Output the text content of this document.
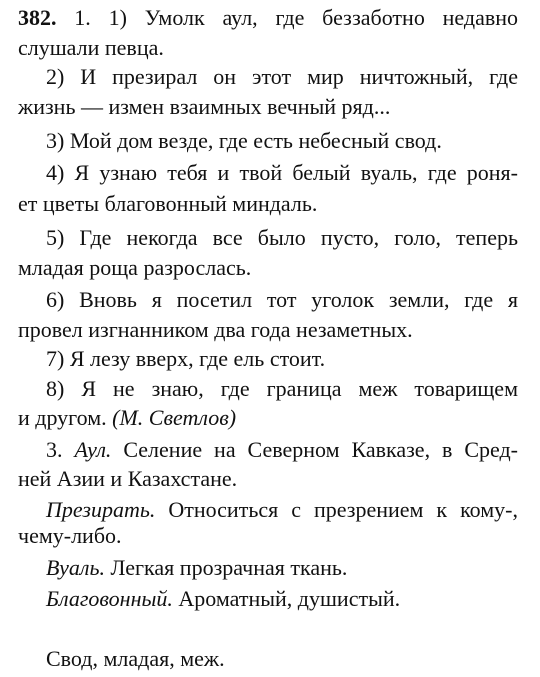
382. 1. 1) Умолк аул, где беззаботно недавно
слушали певца.
2) И презирал он этот мир ничтожный, где
жизнь — измен взаимных вечный ряд...
3) Мой дом везде, где есть небесный свод.
4) Я узнаю тебя и твой белый вуаль, где роня-
ет цветы благовонный миндаль.
5) Где некогда все было пусто, голо, теперь
младая роща разрослась.
6) Вновь я посетил тот уголок земли, где я
провел изгнанником два года незаметных.
7) Я лезу вверх, где ель стоит.
8) Я не знаю, где граница меж товарищем
и другом. (М. Светлов)
3. Аул. Селение на Северном Кавказе, в Сред-
ней Азии и Казахстане.
Презирать. Относиться с презрением к кому-,
чему-либо.
Вуаль. Легкая прозрачная ткань.
Благовонный. Ароматный, душистый.
Свод, младая, меж.
